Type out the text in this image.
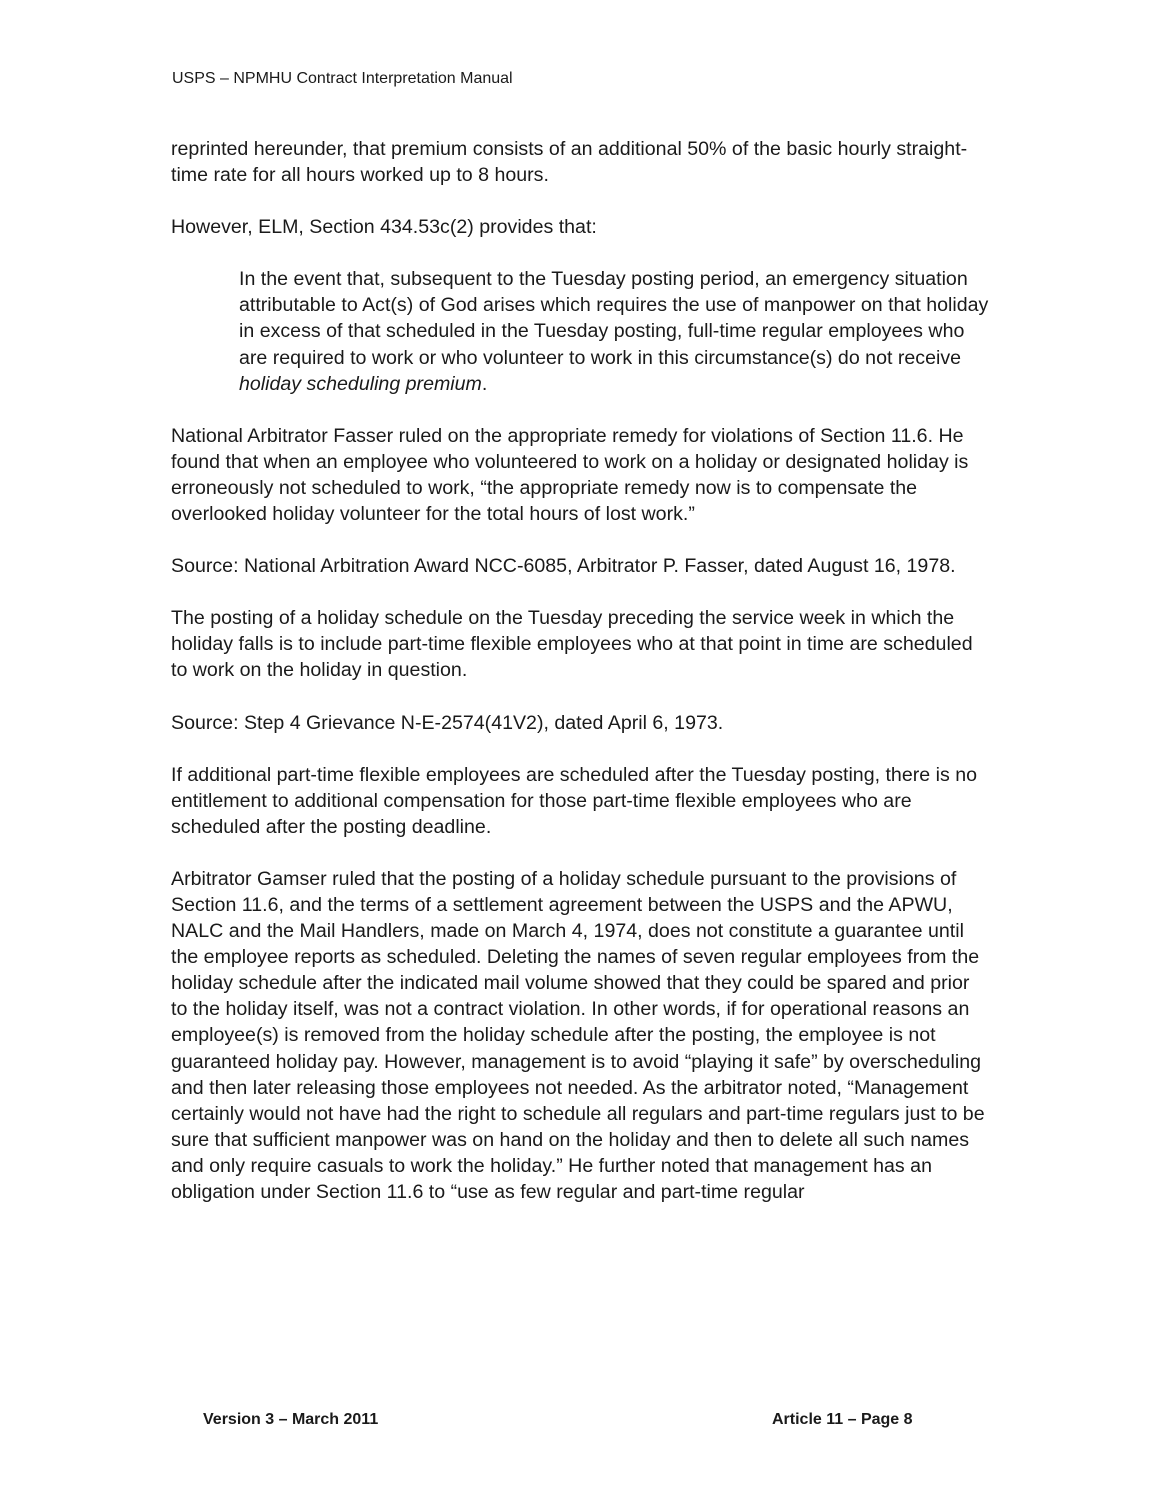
USPS – NPMHU Contract Interpretation Manual

reprinted hereunder, that premium consists of an additional 50% of the basic hourly straight-time rate for all hours worked up to 8 hours.

However, ELM, Section 434.53c(2) provides that:

In the event that, subsequent to the Tuesday posting period, an emergency situation attributable to Act(s) of God arises which requires the use of manpower on that holiday in excess of that scheduled in the Tuesday posting, full-time regular employees who are required to work or who volunteer to work in this circumstance(s) do not receive holiday scheduling premium.

National Arbitrator Fasser ruled on the appropriate remedy for violations of Section 11.6. He found that when an employee who volunteered to work on a holiday or designated holiday is erroneously not scheduled to work, “the appropriate remedy now is to compensate the overlooked holiday volunteer for the total hours of lost work.”

Source: National Arbitration Award NCC-6085, Arbitrator P. Fasser, dated August 16, 1978.

The posting of a holiday schedule on the Tuesday preceding the service week in which the holiday falls is to include part-time flexible employees who at that point in time are scheduled to work on the holiday in question.

Source: Step 4 Grievance N-E-2574(41V2), dated April 6, 1973.

If additional part-time flexible employees are scheduled after the Tuesday posting, there is no entitlement to additional compensation for those part-time flexible employees who are scheduled after the posting deadline.

Arbitrator Gamser ruled that the posting of a holiday schedule pursuant to the provisions of Section 11.6, and the terms of a settlement agreement between the USPS and the APWU, NALC and the Mail Handlers, made on March 4, 1974, does not constitute a guarantee until the employee reports as scheduled. Deleting the names of seven regular employees from the holiday schedule after the indicated mail volume showed that they could be spared and prior to the holiday itself, was not a contract violation. In other words, if for operational reasons an employee(s) is removed from the holiday schedule after the posting, the employee is not guaranteed holiday pay. However, management is to avoid “playing it safe” by overscheduling and then later releasing those employees not needed. As the arbitrator noted, “Management certainly would not have had the right to schedule all regulars and part-time regulars just to be sure that sufficient manpower was on hand on the holiday and then to delete all such names and only require casuals to work the holiday.” He further noted that management has an obligation under Section 11.6 to “use as few regular and part-time regular

Version 3 – March 2011	Article 11 – Page 8
